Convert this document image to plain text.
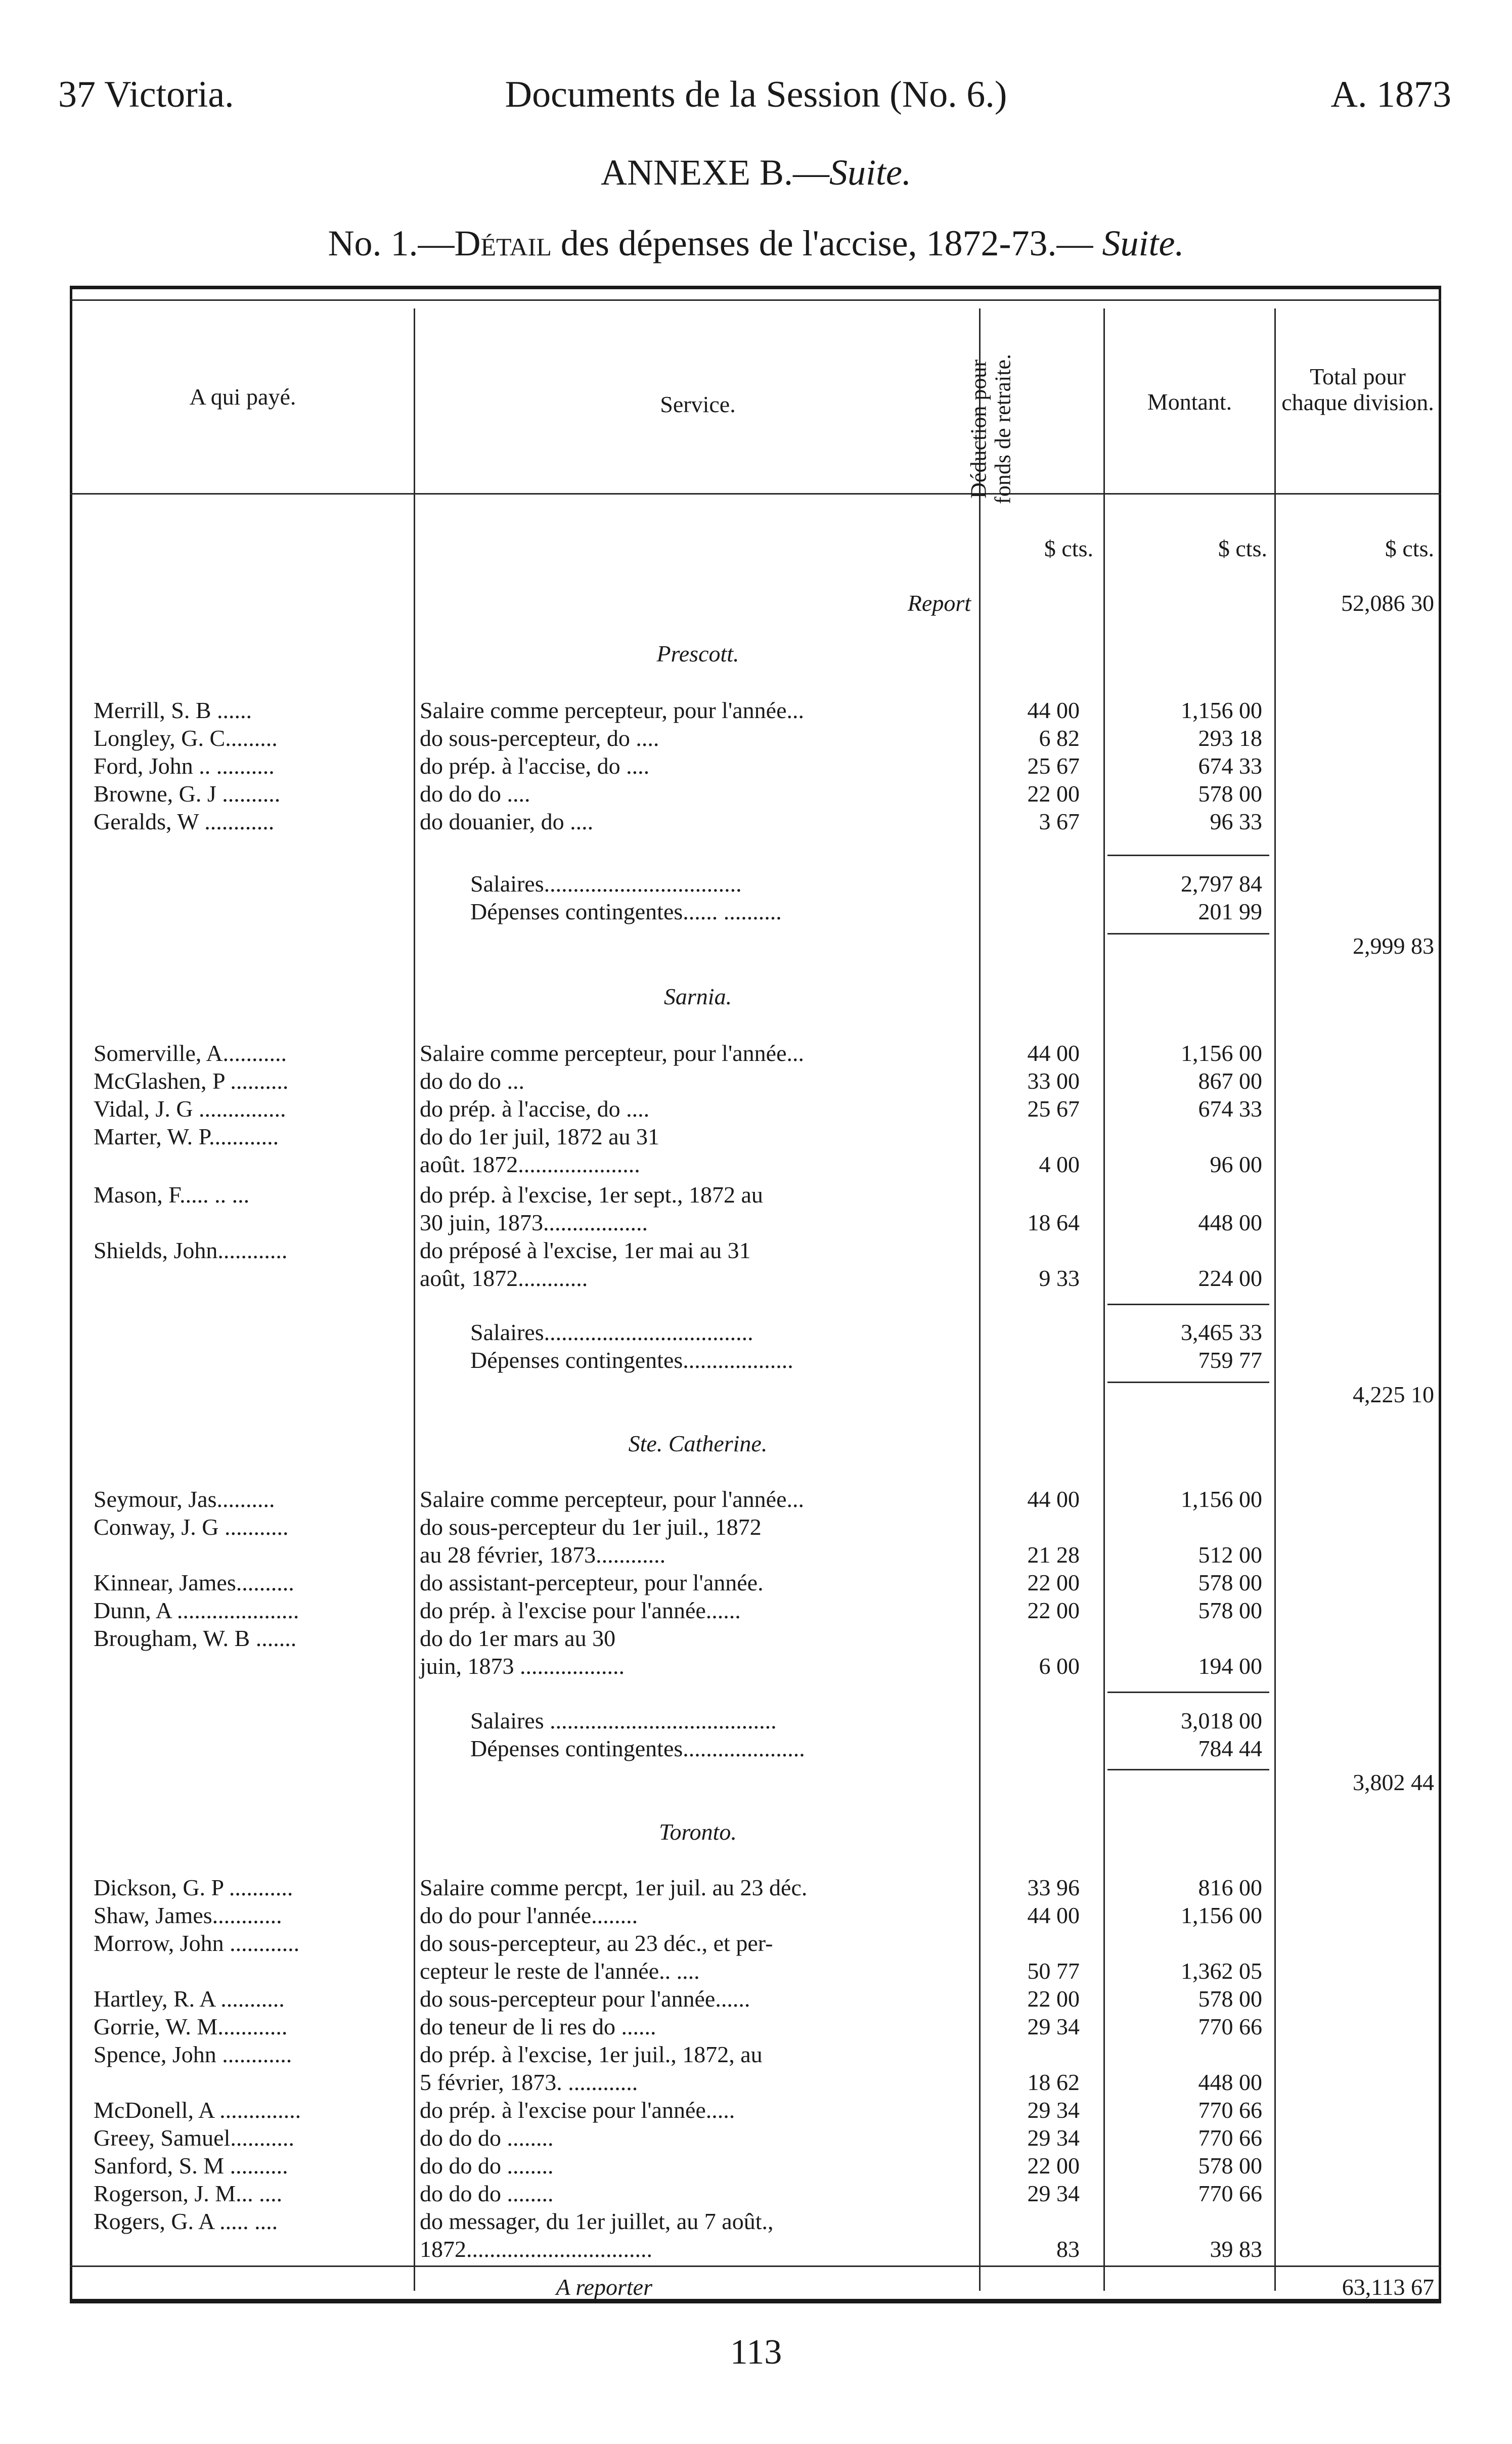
37 Victoria.	Documents de la Session (No. 6.)	A. 1873
ANNEXE B.—Suite.
No. 1.—Détail des dépenses de l'accise, 1872-73.— Suite.
A qui payé.	Service.	Déduction pour fonds de retraite.	Montant.
Total pour chaque division.
$ cts.	$ cts.	$ cts.
Report	52,086 30
Prescott.
Merrill, S. B ......	Salaire comme percepteur, pour l'année...	44 00	1,156 00
Longley, G. C.........	do sous-percepteur, do ....	6 82	293 18
Ford, John .. ..........	do prép. à l'accise, do ....	25 67	674 33
Browne, G. J ..........	do do do ....	22 00	578 00
Geralds, W ............	do douanier, do ....	3 67	96 33
Salaires..................................	2,797 84
Dépenses contingentes...... ..........	201 99
2,999 83
Sarnia.
Somerville, A...........	Salaire comme percepteur, pour l'année...	44 00	1,156 00
McGlashen, P ..........	do do do ...	33 00	867 00
Vidal, J. G ...............	do prép. à l'accise, do ....	25 67	674 33
Marter, W. P............	do do 1er juil, 1872 au 31
août. 1872.....................	4 00	96 00
Mason, F..... .. ...	do prép. à l'excise, 1er sept., 1872 au
30 juin, 1873..................	18 64	448 00
Shields, John............	do préposé à l'excise, 1er mai au 31
août, 1872............	9 33	224 00
Salaires....................................	3,465 33
Dépenses contingentes...................	759 77
4,225 10
Ste. Catherine.
Seymour, Jas..........	Salaire comme percepteur, pour l'année...	44 00	1,156 00
Conway, J. G ...........	do sous-percepteur du 1er juil., 1872
au 28 février, 1873............	21 28	512 00
Kinnear, James..........	do assistant-percepteur, pour l'année.	22 00	578 00
Dunn, A .....................	do prép. à l'excise pour l'année......	22 00	578 00
Brougham, W. B .......	do do 1er mars au 30
juin, 1873 ..................	6 00	194 00
Salaires .......................................	3,018 00
Dépenses contingentes.....................	784 44
3,802 44
Toronto.
Dickson, G. P ...........	Salaire comme percpt, 1er juil. au 23 déc.	33 96	816 00
Shaw, James............	do do pour l'année........	44 00	1,156 00
Morrow, John ............	do sous-percepteur, au 23 déc., et per-
cepteur le reste de l'année.. ....	50 77	1,362 05
Hartley, R. A ...........	do sous-percepteur pour l'année......	22 00	578 00
Gorrie, W. M............	do teneur de li res do ......	29 34	770 66
Spence, John ............	do prép. à l'excise, 1er juil., 1872, au
5 février, 1873. ............	18 62	448 00
McDonell, A ..............	do prép. à l'excise pour l'année.....	29 34	770 66
Greey, Samuel...........	do do do ........	29 34	770 66
Sanford, S. M ..........	do do do ........	22 00	578 00
Rogerson, J. M... ....	do do do ........	29 34	770 66
Rogers, G. A ..... ....	do messager, du 1er juillet, au 7 août.,
1872................................	83	39 83
A reporter	63,113 67
113
